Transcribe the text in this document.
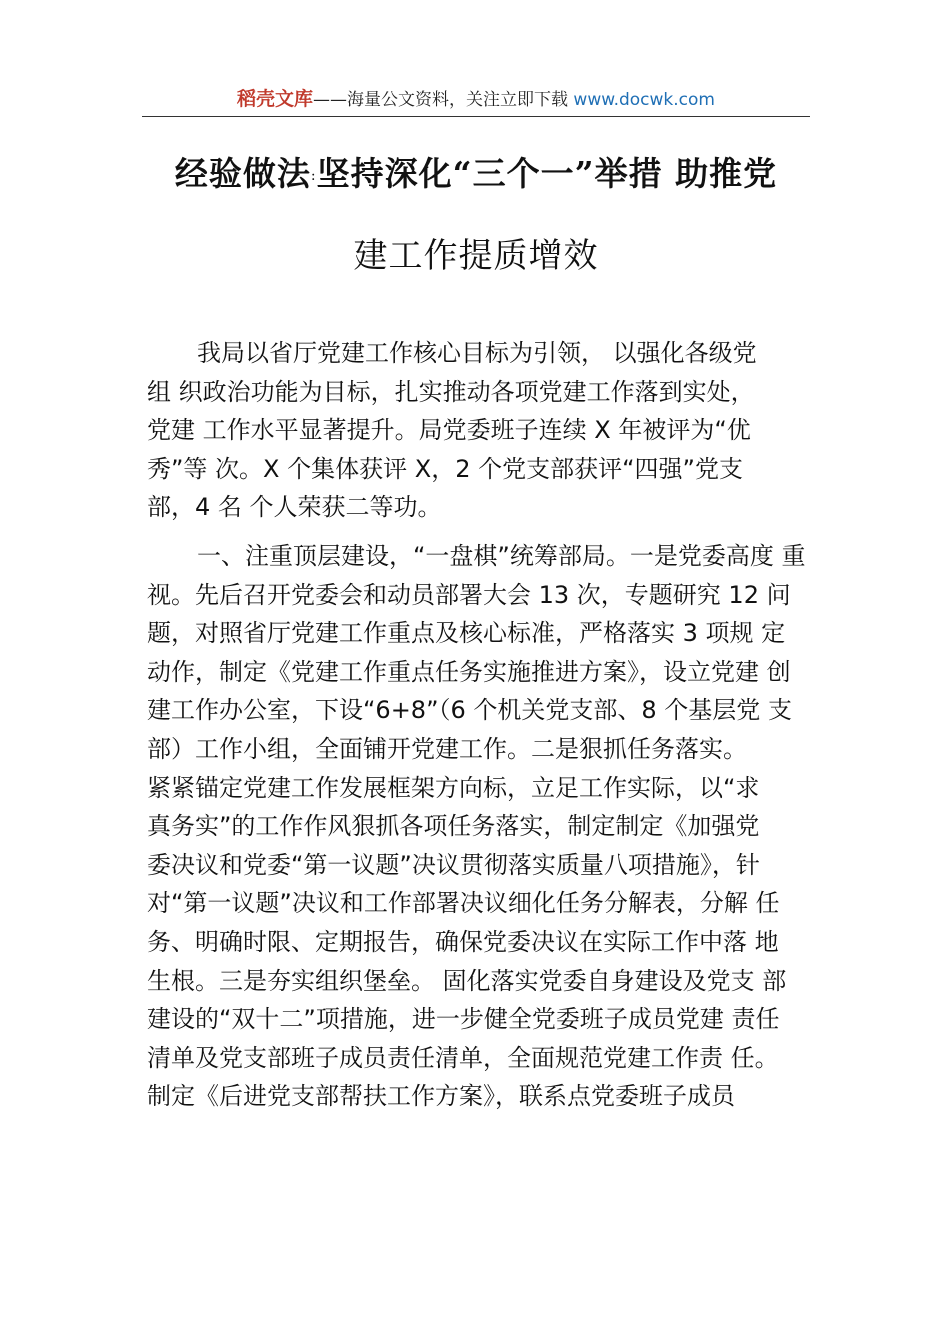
稻壳文库——海量公文资料，关注立即下载 www.docwk.com
经验做法:坚持深化“三个一”举措 助推党
建工作提质增效
我局以省厅党建工作核心目标为引领， 以强化各级党
组 织政治功能为目标，扎实推动各项党建工作落到实处，
党建 工作水平显著提升。局党委班子连续 X 年被评为“优
秀”等 次。X 个集体获评 X，2 个党支部获评“四强”党支
部，4 名 个人荣获二等功。
一、注重顶层建设，“一盘棋”统筹部局。一是党委高度 重
视。先后召开党委会和动员部署大会 13 次，专题研究 12 问
题，对照省厅党建工作重点及核心标准，严格落实 3 项规 定
动作，制定《党建工作重点任务实施推进方案》，设立党建 创
建工作办公室，下设“6+8”（6 个机关党支部、8 个基层党 支
部）工作小组，全面铺开党建工作。二是狠抓任务落实。
紧紧锚定党建工作发展框架方向标，立足工作实际，以“求
真务实”的工作作风狠抓各项任务落实，制定制定《加强党
委决议和党委“第一议题”决议贯彻落实质量八项措施》，针
对“第一议题”决议和工作部署决议细化任务分解表，分解 任
务、明确时限、定期报告，确保党委决议在实际工作中落 地
生根。三是夯实组织堡垒。 固化落实党委自身建设及党支 部
建设的“双十二”项措施，进一步健全党委班子成员党建 责任
清单及党支部班子成员责任清单，全面规范党建工作责 任。
制定《后进党支部帮扶工作方案》，联系点党委班子成员
